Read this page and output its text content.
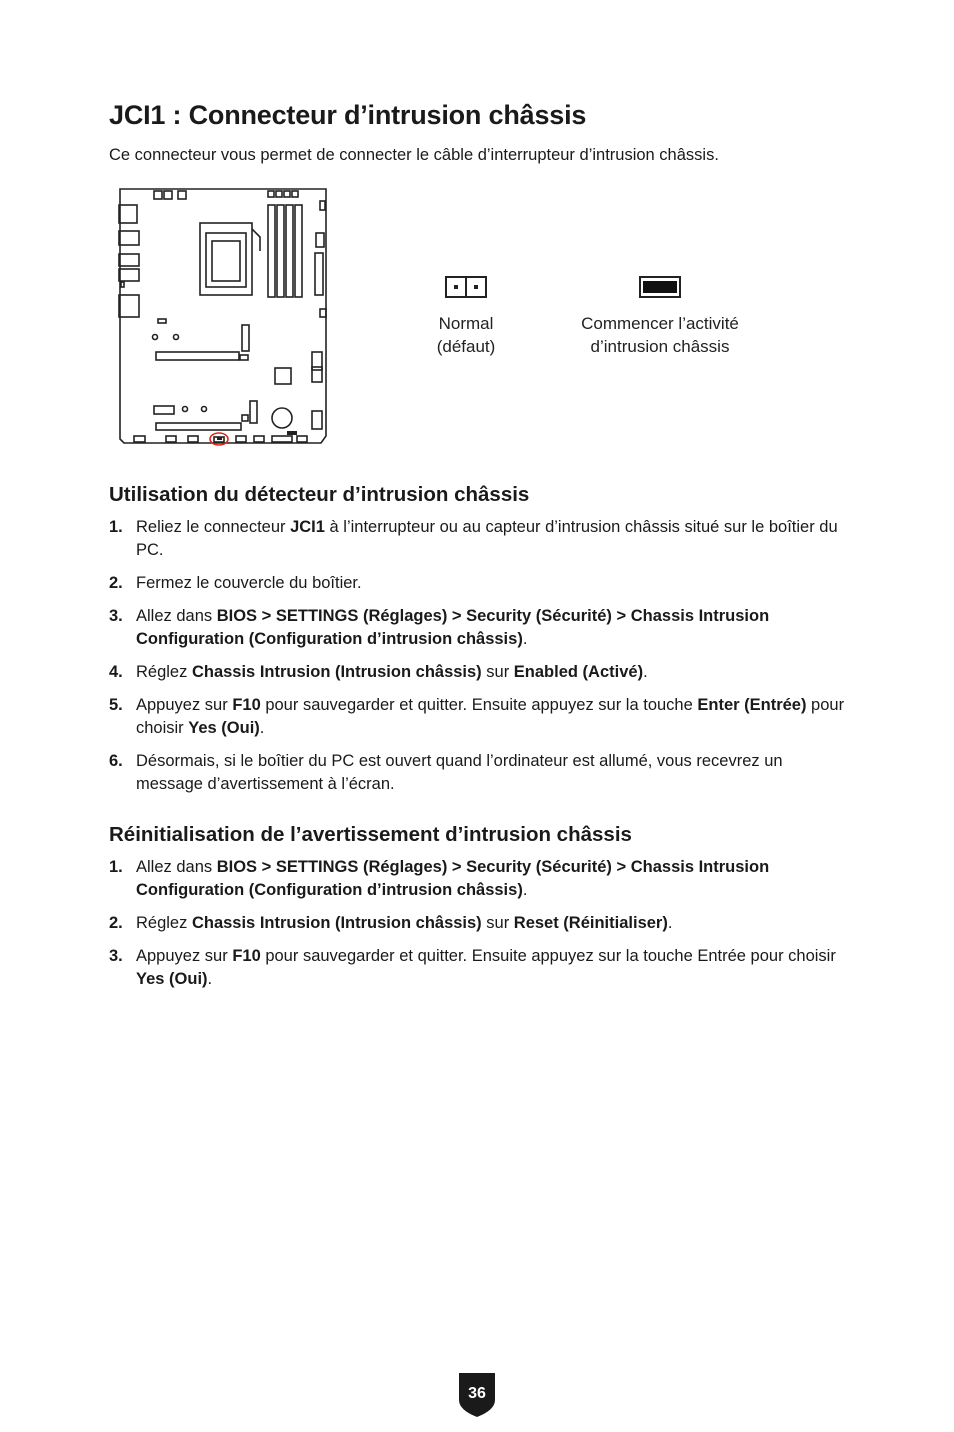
JCI1 : Connecteur d’intrusion châssis

Ce connecteur vous permet de connecter le câble d’interrupteur d’intrusion châssis.

Normal
(défaut)
Commencer l’activité
d’intrusion châssis
Utilisation du détecteur d’intrusion châssis
1. Reliez le connecteur JCI1 à l’interrupteur ou au capteur d’intrusion châssis situé sur le boîtier du PC.
2. Fermez le couvercle du boîtier.
3. Allez dans BIOS > SETTINGS (Réglages) > Security (Sécurité) > Chassis Intrusion Configuration (Configuration d’intrusion châssis).
4. Réglez Chassis Intrusion (Intrusion châssis) sur Enabled (Activé).
5. Appuyez sur F10 pour sauvegarder et quitter. Ensuite appuyez sur la touche Enter (Entrée) pour choisir Yes (Oui).
6. Désormais, si le boîtier du PC est ouvert quand l’ordinateur est allumé, vous recevrez un message d’avertissement à l’écran.
Réinitialisation de l’avertissement d’intrusion châssis
1. Allez dans BIOS > SETTINGS (Réglages) > Security (Sécurité) > Chassis Intrusion Configuration (Configuration d’intrusion châssis).
2. Réglez Chassis Intrusion (Intrusion châssis) sur Reset (Réinitialiser).
3. Appuyez sur F10 pour sauvegarder et quitter. Ensuite appuyez sur la touche Entrée pour choisir Yes (Oui).
36
